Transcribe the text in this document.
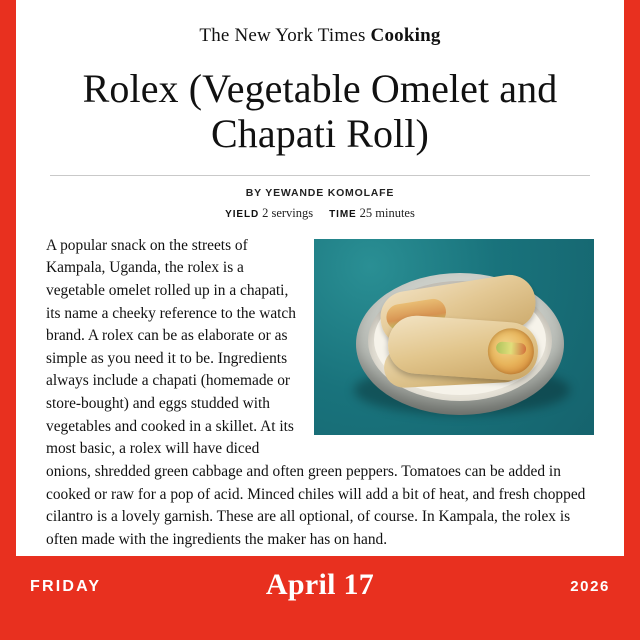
The New York Times Cooking
Rolex (Vegetable Omelet and Chapati Roll)
BY YEWANDE KOMOLAFE
YIELD 2 servings TIME 25 minutes

A popular snack on the streets of Kampala, Uganda, the rolex is a vegetable omelet rolled up in a chapati, its name a cheeky reference to the watch brand. A rolex can be as elaborate or as simple as you need it to be. Ingredients always include a chapati (homemade or store-bought) and eggs studded with vegetables and cooked in a skillet. At its most basic, a rolex will have diced onions, shredded green cabbage and often green peppers. Tomatoes can be added in cooked or raw for a pop of acid. Minced chiles will add a bit of heat, and fresh chopped cilantro is a lovely garnish. These are all optional, of course. In Kampala, the rolex is often made with the ingredients the maker has on hand.

FRIDAY	April 17	2026
